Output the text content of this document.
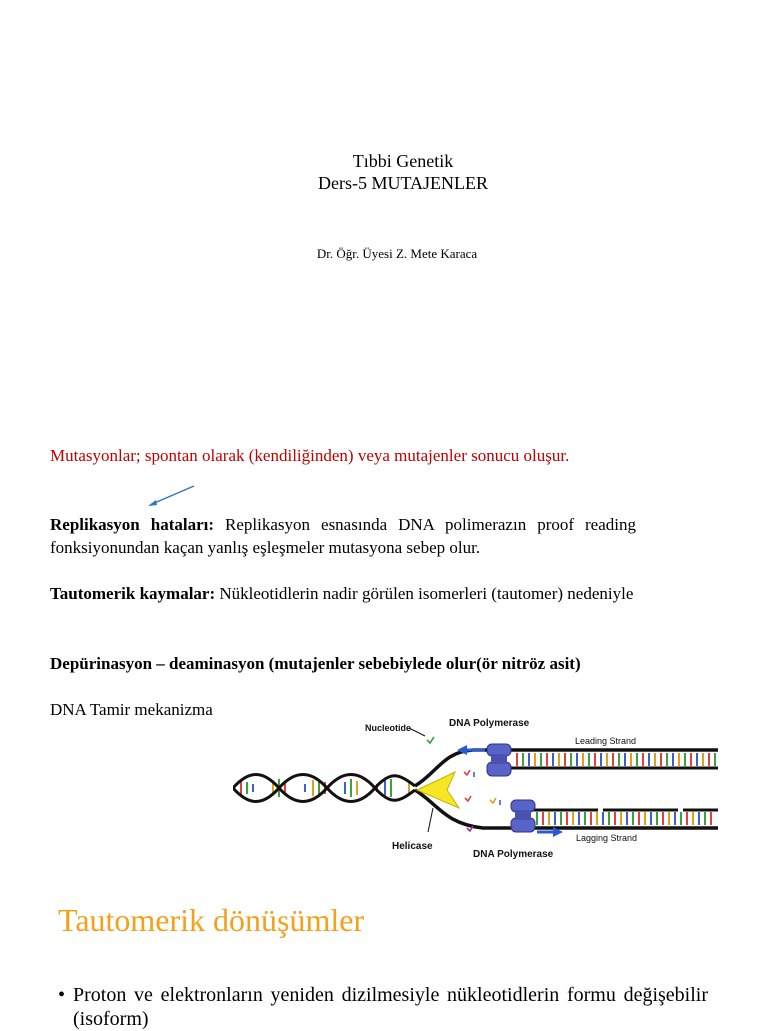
Tıbbi Genetik
Ders-5 MUTAJENLER
Dr. Öğr. Üyesi Z. Mete Karaca
Mutasyonlar; spontan olarak (kendiliğinden) veya mutajenler sonucu oluşur.
Replikasyon hataları: Replikasyon esnasında DNA polimerazın proof reading fonksiyonundan kaçan yanlış eşleşmeler mutasyona sebep olur.
Tautomerik kaymalar: Nükleotidlerin nadir görülen isomerleri (tautomer) nedeniyle
Depürinasyon – deaminasyon (mutajenler sebebiylede olur(ör nitröz asit)
DNA Tamir mekanizma
Nucleotide	DNA Polymerase
Leading Strand
Helicase
DNA Polymerase
Lagging Strand
Tautomerik dönüşümler
• Proton ve elektronların yeniden dizilmesiyle nükleotidlerin formu değişebilir (isoform)
